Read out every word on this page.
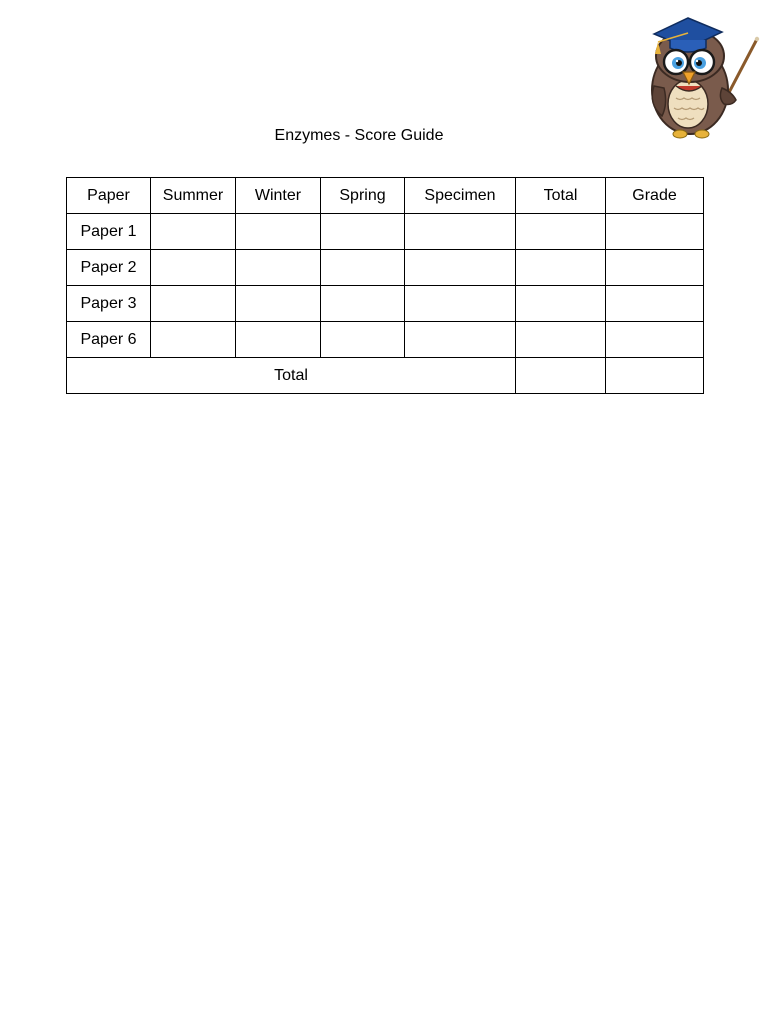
Enzymes - Score Guide
Paper	Summer	Winter	Spring	Specimen	Total	Grade
Paper 1						
Paper 2						
Paper 3						
Paper 6						
Total						
